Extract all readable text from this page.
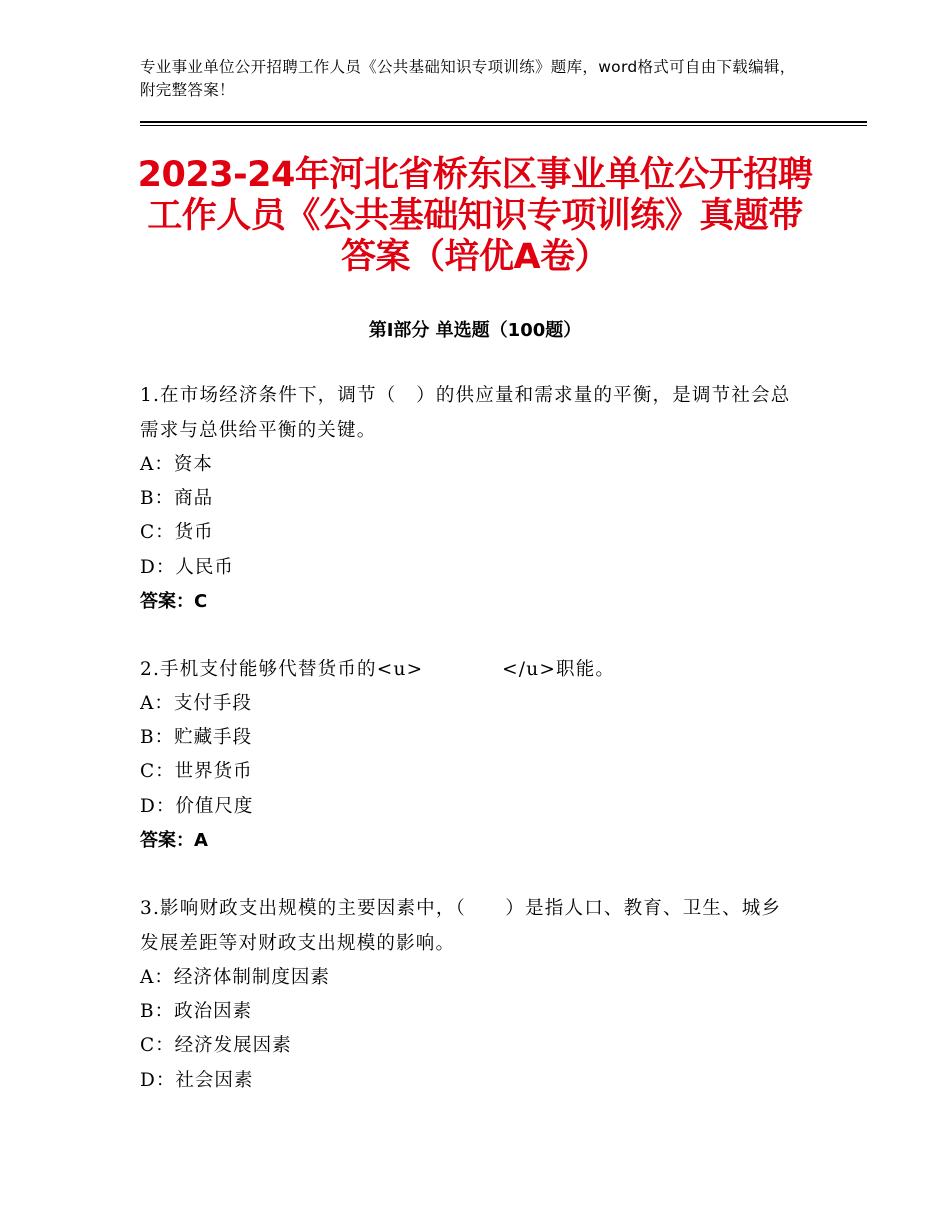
专业事业单位公开招聘工作人员《公共基础知识专项训练》题库，word格式可自由下载编辑，附完整答案！
2023-24年河北省桥东区事业单位公开招聘
工作人员《公共基础知识专项训练》真题带
答案（培优A卷）
第Ⅰ部分 单选题（100题）
1.在市场经济条件下，调节（　）的供应量和需求量的平衡，是调节社会总需求与总供给平衡的关键。
A：资本
B：商品
C：货币
D：人民币
答案：C
2.手机支付能够代替货币的<u>　　　　</u>职能。
A：支付手段
B：贮藏手段
C：世界货币
D：价值尺度
答案：A
3.影响财政支出规模的主要因素中，（　　）是指人口、教育、卫生、城乡发展差距等对财政支出规模的影响。
A：经济体制制度因素
B：政治因素
C：经济发展因素
D：社会因素
